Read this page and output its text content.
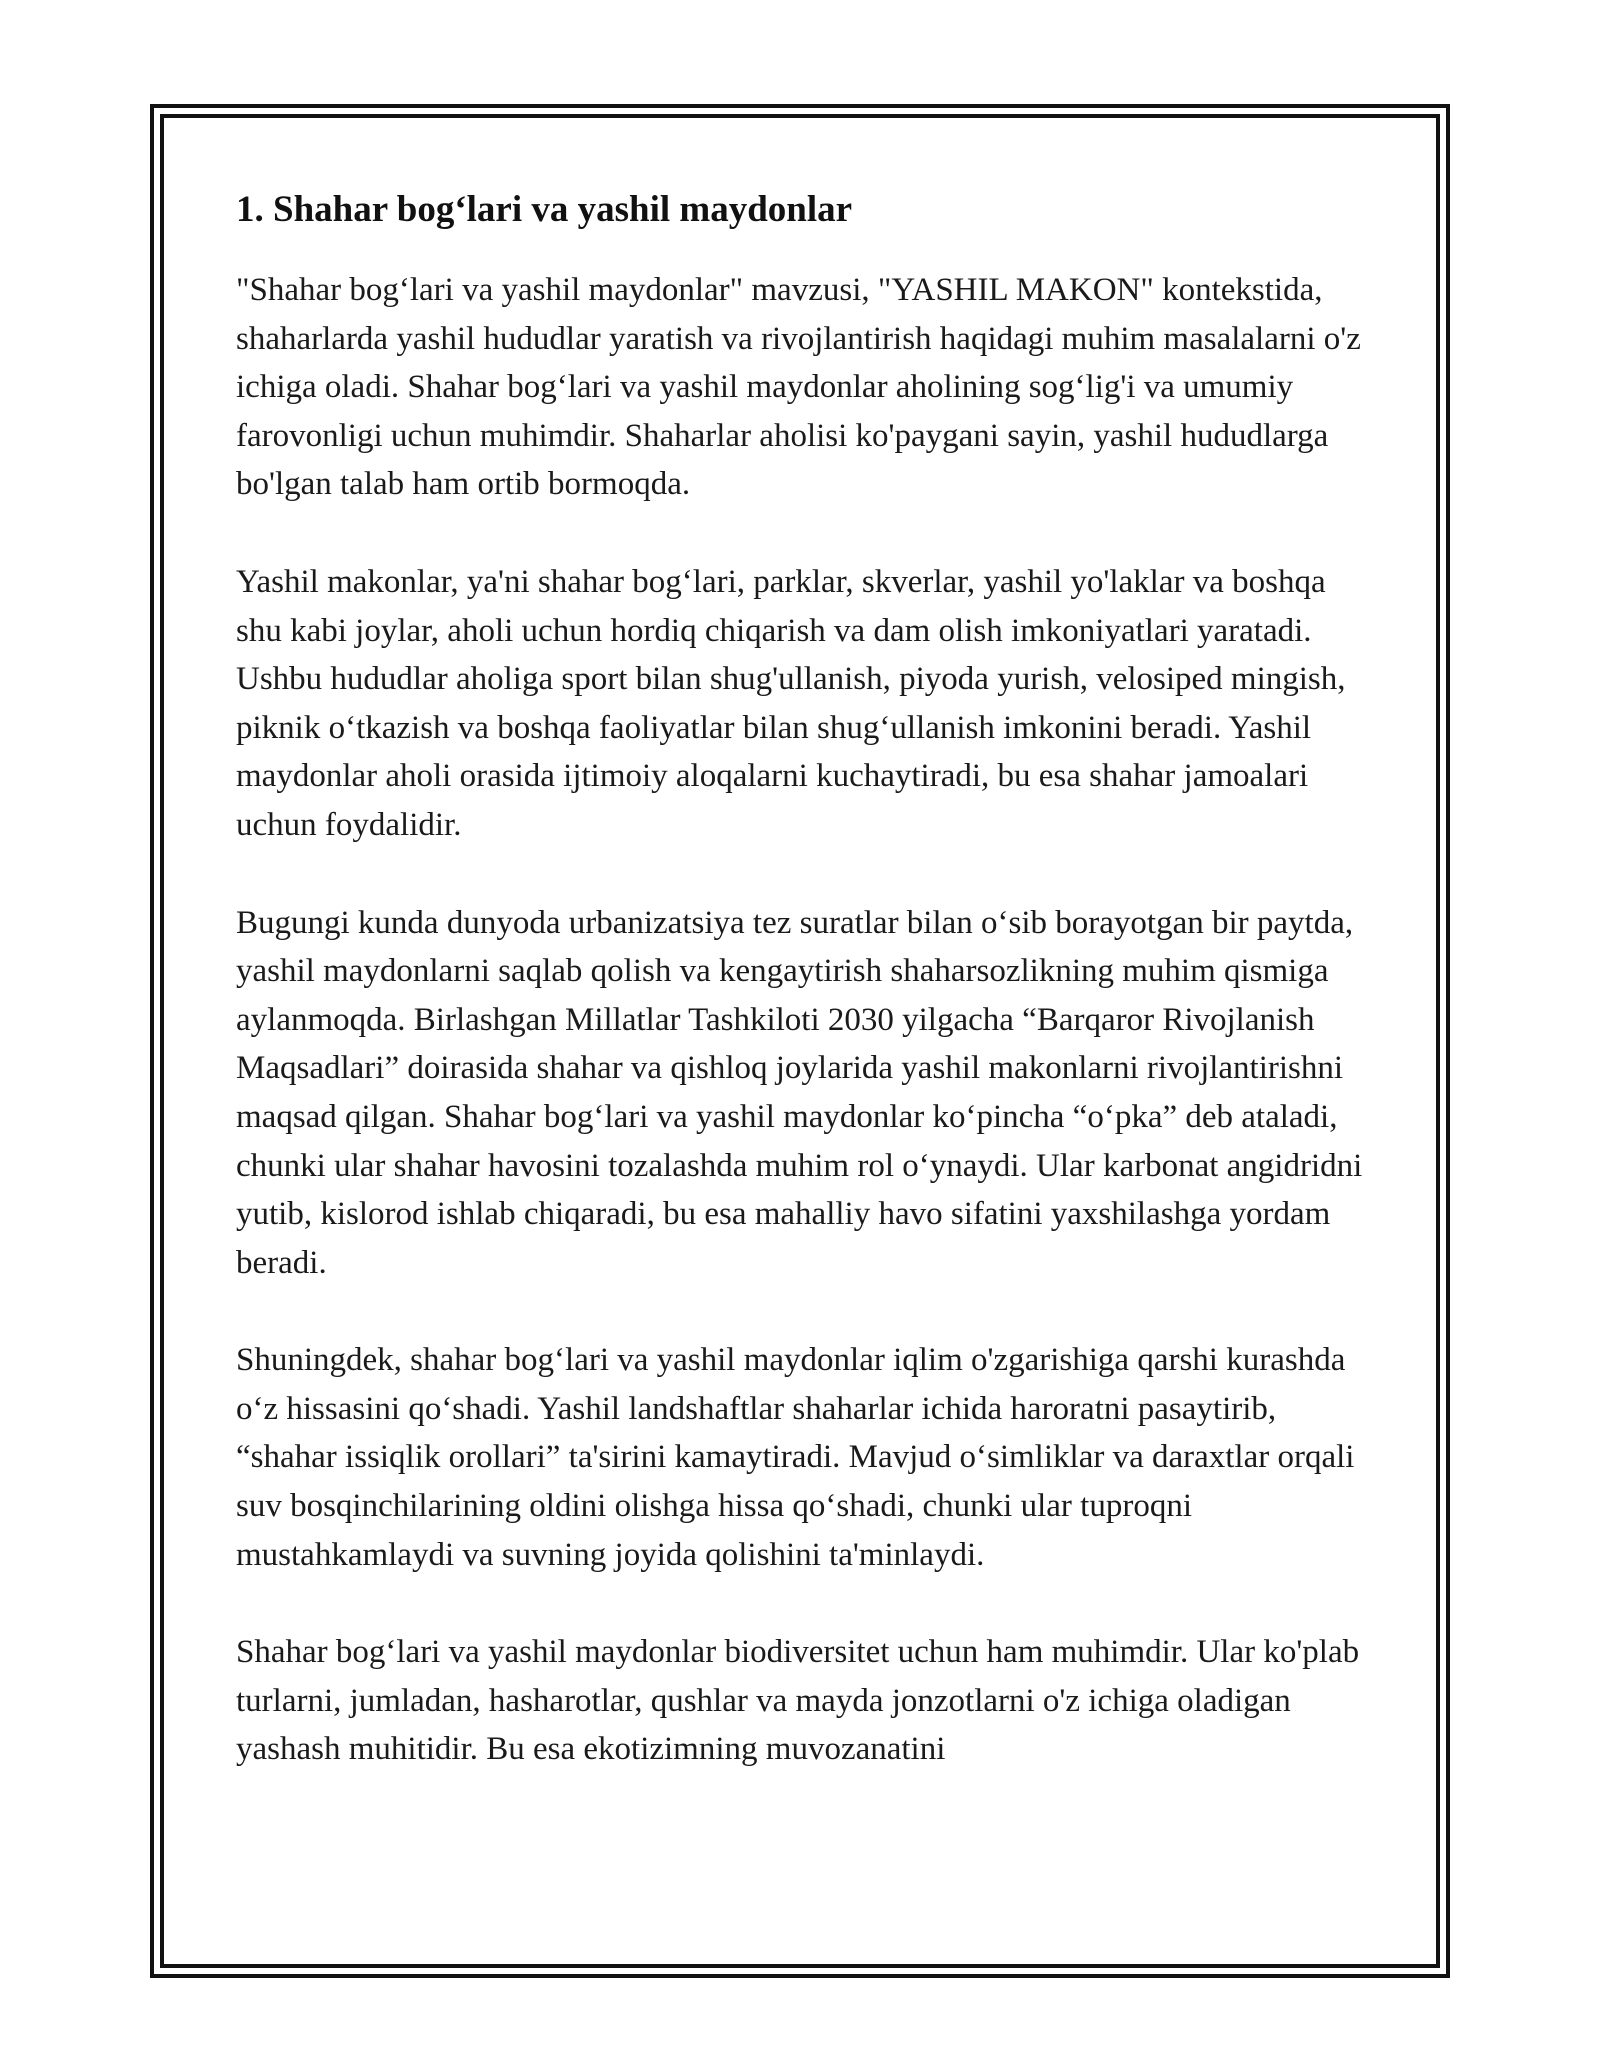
1. Shahar bog‘lari va yashil maydonlar

"Shahar bog‘lari va yashil maydonlar" mavzusi, "YASHIL MAKON" kontekstida, shaharlarda yashil hududlar yaratish va rivojlantirish haqidagi muhim masalalarni o'z ichiga oladi. Shahar bog‘lari va yashil maydonlar aholining sog‘lig'i va umumiy farovonligi uchun muhimdir. Shaharlar aholisi ko'paygani sayin, yashil hududlarga bo'lgan talab ham ortib bormoqda.

Yashil makonlar, ya'ni shahar bog‘lari, parklar, skverlar, yashil yo'laklar va boshqa shu kabi joylar, aholi uchun hordiq chiqarish va dam olish imkoniyatlari yaratadi. Ushbu hududlar aholiga sport bilan shug'ullanish, piyoda yurish, velosiped mingish, piknik o‘tkazish va boshqa faoliyatlar bilan shug‘ullanish imkonini beradi. Yashil maydonlar aholi orasida ijtimoiy aloqalarni kuchaytiradi, bu esa shahar jamoalari uchun foydalidir.

Bugungi kunda dunyoda urbanizatsiya tez suratlar bilan o‘sib borayotgan bir paytda, yashil maydonlarni saqlab qolish va kengaytirish shaharsozlikning muhim qismiga aylanmoqda. Birlashgan Millatlar Tashkiloti 2030 yilgacha “Barqaror Rivojlanish Maqsadlari” doirasida shahar va qishloq joylarida yashil makonlarni rivojlantirishni maqsad qilgan. Shahar bog‘lari va yashil maydonlar ko‘pincha “o‘pka” deb ataladi, chunki ular shahar havosini tozalashda muhim rol o‘ynaydi. Ular karbonat angidridni yutib, kislorod ishlab chiqaradi, bu esa mahalliy havo sifatini yaxshilashga yordam beradi.

Shuningdek, shahar bog‘lari va yashil maydonlar iqlim o'zgarishiga qarshi kurashda o‘z hissasini qo‘shadi. Yashil landshaftlar shaharlar ichida haroratni pasaytirib, “shahar issiqlik orollari” ta'sirini kamaytiradi. Mavjud o‘simliklar va daraxtlar orqali suv bosqinchilarining oldini olishga hissa qo‘shadi, chunki ular tuproqni mustahkamlaydi va suvning joyida qolishini ta'minlaydi.

Shahar bog‘lari va yashil maydonlar biodiversitet uchun ham muhimdir. Ular ko'plab turlarni, jumladan, hasharotlar, qushlar va mayda jonzotlarni o'z ichiga oladigan yashash muhitidir. Bu esa ekotizimning muvozanatini
